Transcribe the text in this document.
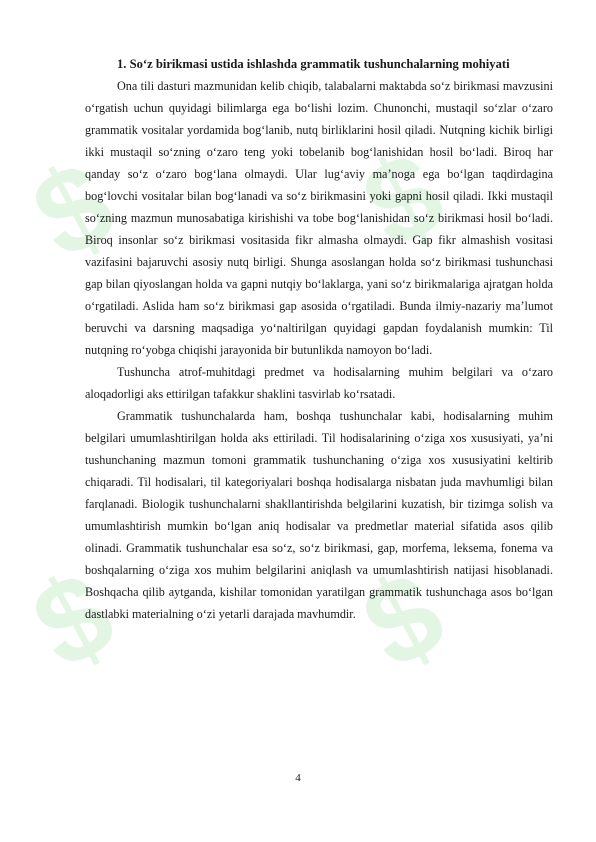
$ $
$ $

1. So‘z birikmasi ustida ishlashda grammatik tushunchalarning mohiyati

Ona tili dasturi mazmunidan kelib chiqib, talabalarni maktabda so‘z birikmasi mavzusini o‘rgatish uchun quyidagi bilimlarga ega bo‘lishi lozim. Chunonchi, mustaqil so‘zlar o‘zaro grammatik vositalar yordamida bog‘lanib, nutq birliklarini hosil qiladi. Nutqning kichik birligi ikki mustaqil so‘zning o‘zaro teng yoki tobelanib bog‘lanishidan hosil bo‘ladi. Biroq har qanday so‘z o‘zaro bog‘lana olmaydi. Ular lug‘aviy ma’noga ega bo‘lgan taqdirdagina bog‘lovchi vositalar bilan bog‘lanadi va so‘z birikmasini yoki gapni hosil qiladi. Ikki mustaqil so‘zning mazmun munosabatiga kirishishi va tobe bog‘lanishidan so‘z birikmasi hosil bo‘ladi. Biroq insonlar so‘z birikmasi vositasida fikr almasha olmaydi. Gap fikr almashish vositasi vazifasini bajaruvchi asosiy nutq birligi. Shunga asoslangan holda so‘z birikmasi tushunchasi gap bilan qiyoslangan holda va gapni nutqiy bo‘laklarga, yani so‘z birikmalariga ajratgan holda o‘rgatiladi. Aslida ham so‘z birikmasi gap asosida o‘rgatiladi. Bunda ilmiy-nazariy ma’lumot beruvchi va darsning maqsadiga yo‘naltirilgan quyidagi gapdan foydalanish mumkin: Til nutqning ro‘yobga chiqishi jarayonida bir butunlikda namoyon bo‘ladi.

Tushuncha atrof-muhitdagi predmet va hodisalarning muhim belgilari va o‘zaro aloqadorligi aks ettirilgan tafakkur shaklini tasvirlab ko‘rsatadi.

Grammatik tushunchalarda ham, boshqa tushunchalar kabi, hodisalarning muhim belgilari umumlashtirilgan holda aks ettiriladi. Til hodisalarining o‘ziga xos xususiyati, ya’ni tushunchaning mazmun tomoni grammatik tushunchaning o‘ziga xos xususiyatini keltirib chiqaradi. Til hodisalari, til kategoriyalari boshqa hodisalarga nisbatan juda mavhumligi bilan farqlanadi. Biologik tushunchalarni shakllantirishda belgilarini kuzatish, bir tizimga solish va umumlashtirish mumkin bo‘lgan aniq hodisalar va predmetlar material sifatida asos qilib olinadi. Grammatik tushunchalar esa so‘z, so‘z birikmasi, gap, morfema, leksema, fonema va boshqalarning o‘ziga xos muhim belgilarini aniqlash va umumlashtirish natijasi hisoblanadi. Boshqacha qilib aytganda, kishilar tomonidan yaratilgan grammatik tushunchaga asos bo‘lgan dastlabki materialning o‘zi yetarli darajada mavhumdir.

4
